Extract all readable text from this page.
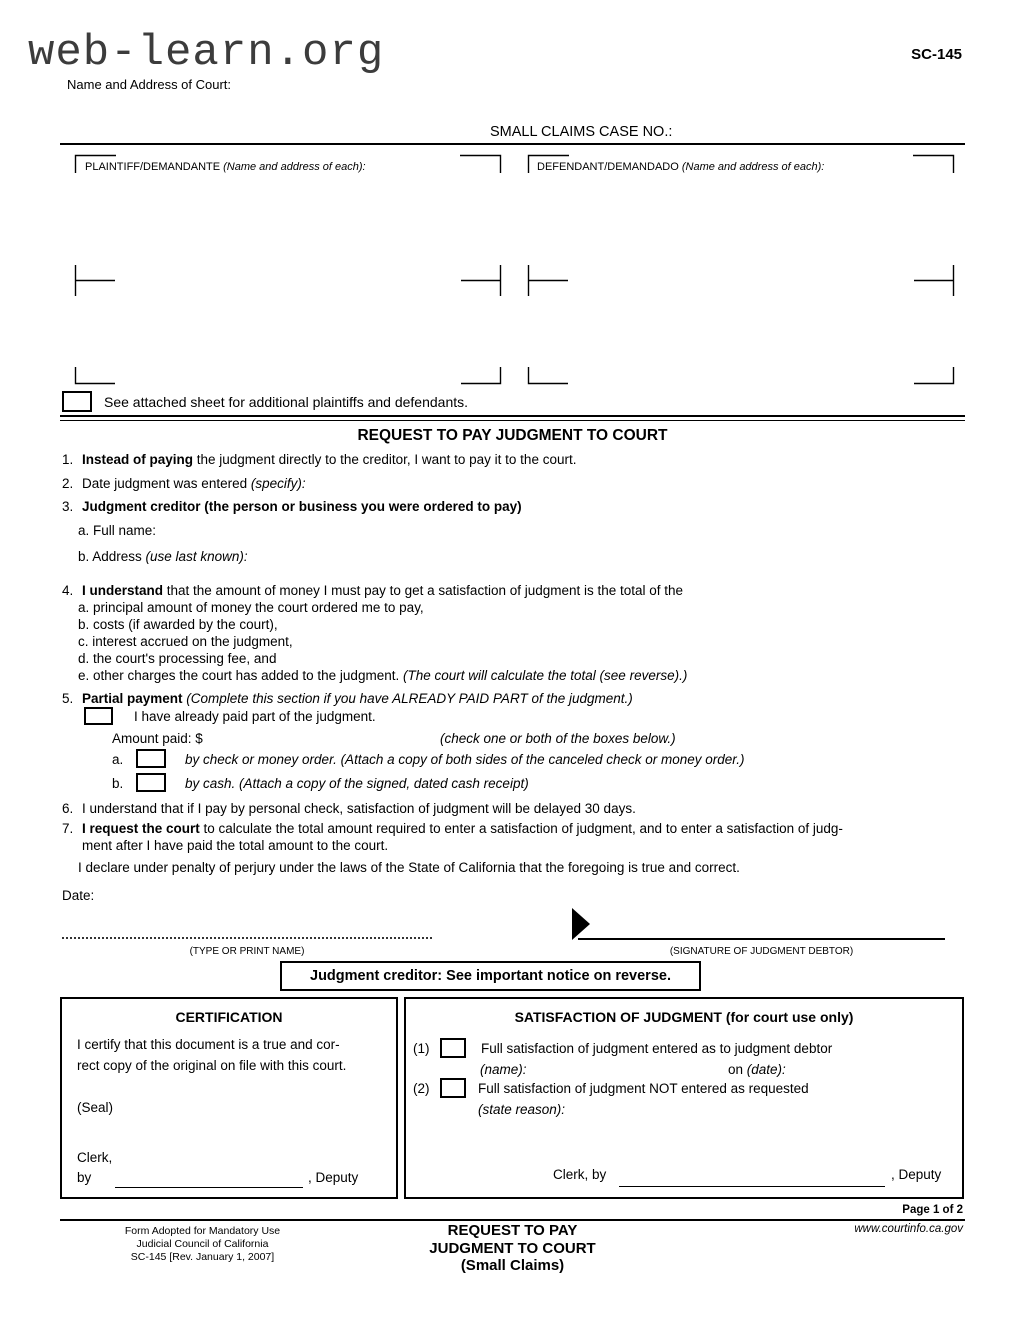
web-learn.org	SC-145
Name and Address of Court:
SMALL CLAIMS CASE NO.:
PLAINTIFF/DEMANDANTE (Name and address of each):	DEFENDANT/DEMANDADO (Name and address of each):
See attached sheet for additional plaintiffs and defendants.
REQUEST TO PAY JUDGMENT TO COURT
1. Instead of paying the judgment directly to the creditor, I want to pay it to the court.
2. Date judgment was entered (specify):
3. Judgment creditor (the person or business you were ordered to pay)
a. Full name:
b. Address (use last known):
4. I understand that the amount of money I must pay to get a satisfaction of judgment is the total of the
a. principal amount of money the court ordered me to pay,
b. costs (if awarded by the court),
c. interest accrued on the judgment,
d. the court's processing fee, and
e. other charges the court has added to the judgment. (The court will calculate the total (see reverse).)
5. Partial payment (Complete this section if you have ALREADY PAID PART of the judgment.)
I have already paid part of the judgment.
Amount paid: $	(check one or both of the boxes below.)
a.	by check or money order. (Attach a copy of both sides of the canceled check or money order.)
b.	by cash. (Attach a copy of the signed, dated cash receipt)
6. I understand that if I pay by personal check, satisfaction of judgment will be delayed 30 days.
7. I request the court to calculate the total amount required to enter a satisfaction of judgment, and to enter a satisfaction of judg-
ment after I have paid the total amount to the court.
I declare under penalty of perjury under the laws of the State of California that the foregoing is true and correct.
Date:
(TYPE OR PRINT NAME)	(SIGNATURE OF JUDGMENT DEBTOR)
Judgment creditor: See important notice on reverse.
CERTIFICATION
I certify that this document is a true and cor-
rect copy of the original on file with this court.
(Seal)
Clerk,
by	, Deputy
SATISFACTION OF JUDGMENT (for court use only)
(1)	Full satisfaction of judgment entered as to judgment debtor
(name):	on (date):
(2)	Full satisfaction of judgment NOT entered as requested
(state reason):
Clerk, by	, Deputy
Page 1 of 2
Form Adopted for Mandatory Use
Judicial Council of California
SC-145 [Rev. January 1, 2007]
REQUEST TO PAY
JUDGMENT TO COURT
(Small Claims)
www.courtinfo.ca.gov
